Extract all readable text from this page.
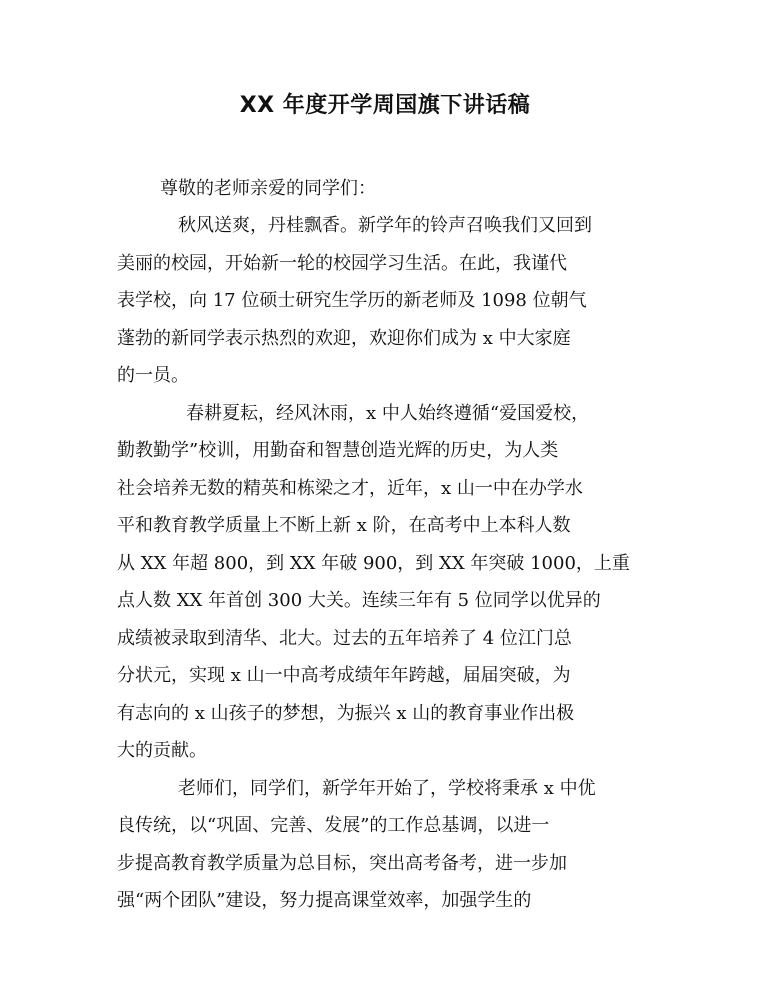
XX 年度开学周国旗下讲话稿
尊敬的老师亲爱的同学们：
秋风送爽，丹桂飘香。新学年的铃声召唤我们又回到
美丽的校园，开始新一轮的校园学习生活。在此，我谨代
表学校，向 17 位硕士研究生学历的新老师及 1098 位朝气
蓬勃的新同学表示热烈的欢迎，欢迎你们成为 x 中大家庭
的一员。
春耕夏耘，经风沐雨，x 中人始终遵循“爱国爱校，
勤教勤学”校训，用勤奋和智慧创造光辉的历史，为人类
社会培养无数的精英和栋梁之才，近年，x 山一中在办学水
平和教育教学质量上不断上新 x 阶，在高考中上本科人数
从 XX 年超 800，到 XX 年破 900，到 XX 年突破 1000，上重
点人数 XX 年首创 300 大关。连续三年有 5 位同学以优异的
成绩被录取到清华、北大。过去的五年培养了 4 位江门总
分状元，实现 x 山一中高考成绩年年跨越，届届突破，为
有志向的 x 山孩子的梦想，为振兴 x 山的教育事业作出极
大的贡献。
老师们，同学们，新学年开始了，学校将秉承 x 中优
良传统，以“巩固、完善、发展”的工作总基调，以进一
步提高教育教学质量为总目标，突出高考备考，进一步加
强“两个团队”建设，努力提高课堂效率，加强学生的
